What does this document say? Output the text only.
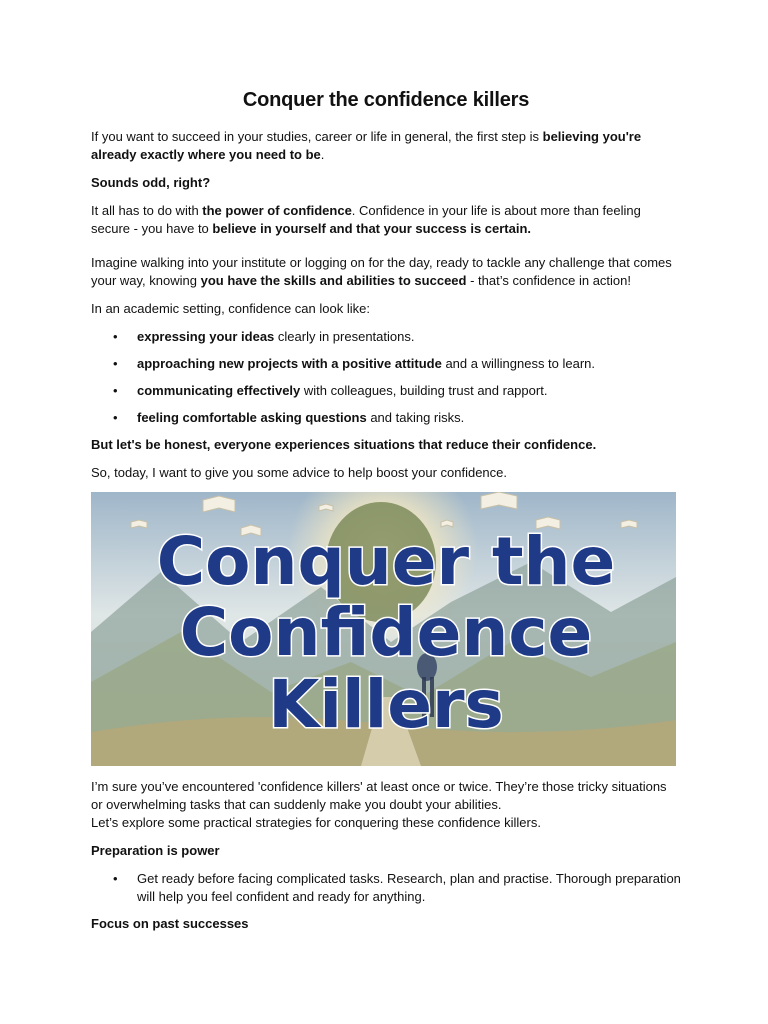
Conquer the confidence killers

If you want to succeed in your studies, career or life in general, the first step is believing you're already exactly where you need to be.

Sounds odd, right?

It all has to do with the power of confidence. Confidence in your life is about more than feeling secure - you have to believe in yourself and that your success is certain.

Imagine walking into your institute or logging on for the day, ready to tackle any challenge that comes your way, knowing you have the skills and abilities to succeed - that’s confidence in action!

In an academic setting, confidence can look like:

• expressing your ideas clearly in presentations.
• approaching new projects with a positive attitude and a willingness to learn.
• communicating effectively with colleagues, building trust and rapport.
• feeling comfortable asking questions and taking risks.

But let's be honest, everyone experiences situations that reduce their confidence.

So, today, I want to give you some advice to help boost your confidence.

Conquer the
Confidence
Killers

I’m sure you’ve encountered 'confidence killers' at least once or twice. They’re those tricky situations or overwhelming tasks that can suddenly make you doubt your abilities.

Let’s explore some practical strategies for conquering these confidence killers.

Preparation is power

• Get ready before facing complicated tasks. Research, plan and practise. Thorough preparation will help you feel confident and ready for anything.

Focus on past successes
